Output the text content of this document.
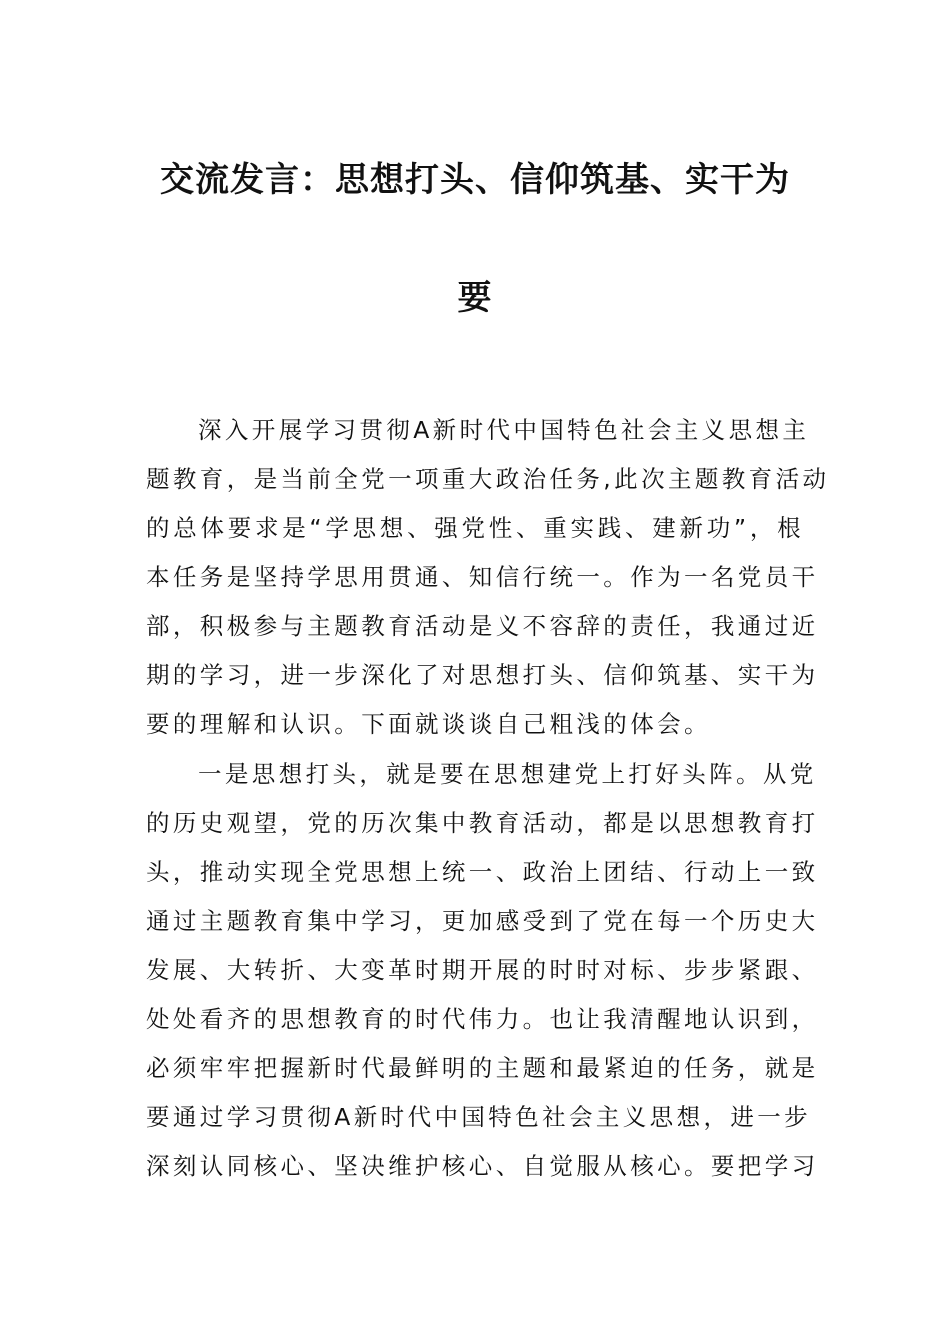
交流发言：思想打头、信仰筑基、实干为
要
深入开展学习贯彻A新时代中国特色社会主义思想主
题教育，是当前全党一项重大政治任务,此次主题教育活动
的总体要求是“学思想、强党性、重实践、建新功”，根
本任务是坚持学思用贯通、知信行统一。作为一名党员干
部，积极参与主题教育活动是义不容辞的责任，我通过近
期的学习，进一步深化了对思想打头、信仰筑基、实干为
要的理解和认识。下面就谈谈自己粗浅的体会。
一是思想打头，就是要在思想建党上打好头阵。从党
的历史观望，党的历次集中教育活动，都是以思想教育打
头，推动实现全党思想上统一、政治上团结、行动上一致
通过主题教育集中学习，更加感受到了党在每一个历史大
发展、大转折、大变革时期开展的时时对标、步步紧跟、
处处看齐的思想教育的时代伟力。也让我清醒地认识到，
必须牢牢把握新时代最鲜明的主题和最紧迫的任务，就是
要通过学习贯彻A新时代中国特色社会主义思想，进一步
深刻认同核心、坚决维护核心、自觉服从核心。要把学习
